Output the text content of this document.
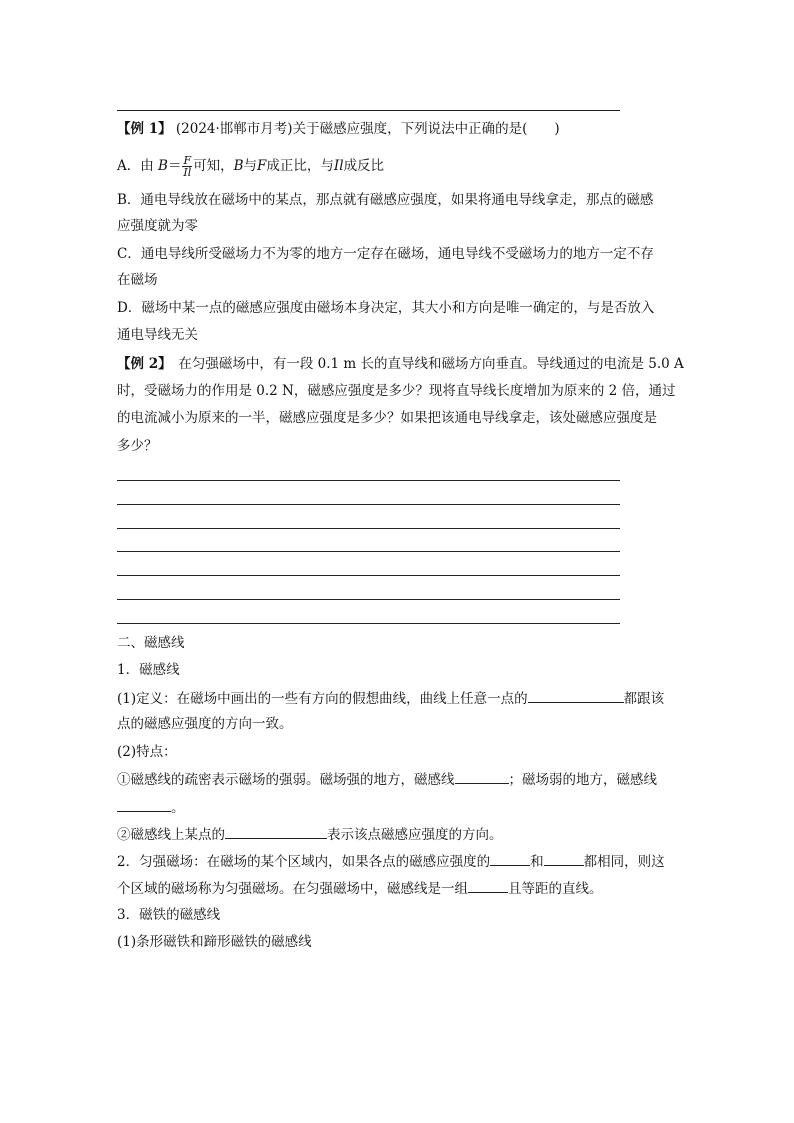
【例 1】 (2024·邯郸市月考)关于磁感应强度，下列说法中正确的是(　　)
A．由 $B= \frac{F}{Il}$ 可知，B与F成正比，与Il成反比
B．通电导线放在磁场中的某点，那点就有磁感应强度，如果将通电导线拿走，那点的磁感
应强度就为零
C．通电导线所受磁场力不为零的地方一定存在磁场，通电导线不受磁场力的地方一定不存
在磁场
D．磁场中某一点的磁感应强度由磁场本身决定，其大小和方向是唯一确定的，与是否放入
通电导线无关
【例 2】　在匀强磁场中，有一段 0.1 m 长的直导线和磁场方向垂直。导线通过的电流是 5.0 A
时，受磁场力的作用是 0.2 N，磁感应强度是多少？现将直导线长度增加为原来的 2 倍，通过
的电流减小为原来的一半，磁感应强度是多少？如果把该通电导线拿走，该处磁感应强度是
多少？
二、磁感线
1．磁感线
(1)定义：在磁场中画出的一些有方向的假想曲线，曲线上任意一点的	都跟该
点的磁感应强度的方向一致。
(2)特点：
①磁感线的疏密表示磁场的强弱。磁场强的地方，磁感线	；磁场弱的地方，磁感线
。
②磁感线上某点的	表示该点磁感应强度的方向。
2．匀强磁场：在磁场的某个区域内，如果各点的磁感应强度的	和	都相同，则这
个区域的磁场称为匀强磁场。在匀强磁场中，磁感线是一组	且等距的直线。
3．磁铁的磁感线
(1)条形磁铁和蹄形磁铁的磁感线
